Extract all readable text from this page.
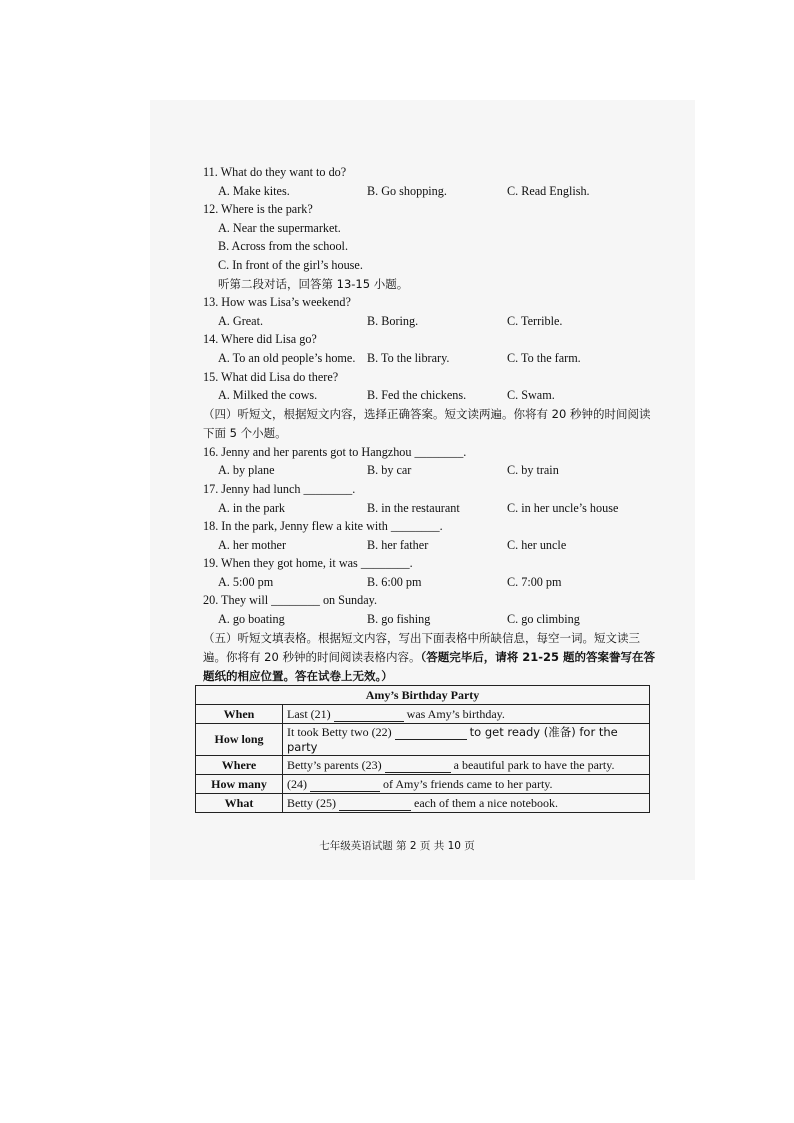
11. What do they want to do?
A. Make kites.	B. Go shopping.	C. Read English.
12. Where is the park?
A. Near the supermarket.
B. Across from the school.
C. In front of the girl’s house.
听第二段对话，回答第 13-15 小题。
13. How was Lisa’s weekend?
A. Great.	B. Boring.	C. Terrible.
14. Where did Lisa go?
A. To an old people’s home. B. To the library.	C. To the farm.
15. What did Lisa do there?
A. Milked the cows.	B. Fed the chickens.	C. Swam.
（四）听短文，根据短文内容，选择正确答案。短文读两遍。你将有 20 秒钟的时间阅读下面 5 个小题。
16. Jenny and her parents got to Hangzhou ________.
A. by plane	B. by car	C. by train
17. Jenny had lunch ________.
A. in the park	B. in the restaurant	C. in her uncle’s house
18. In the park, Jenny flew a kite with ________.
A. her mother	B. her father	C. her uncle
19. When they got home, it was ________.
A. 5:00 pm	B. 6:00 pm	C. 7:00 pm
20. They will ________ on Sunday.
A. go boating	B. go fishing	C. go climbing
（五）听短文填表格。根据短文内容，写出下面表格中所缺信息，每空一词。短文读三遍。你将有 20 秒钟的时间阅读表格内容。（答题完毕后，请将 21-25 题的答案誊写在答题纸的相应位置。答在试卷上无效。）
Amy’s Birthday Party	
When	Last (21) was Amy’s birthday.
How long	It took Betty two (22) to get ready (准备) for the party
Where	Betty’s parents (23) a beautiful park to have the party.
How many	(24) of Amy’s friends came to her party.
What	Betty (25) each of them a nice notebook.
七年级英语试题 第 2 页 共 10 页
